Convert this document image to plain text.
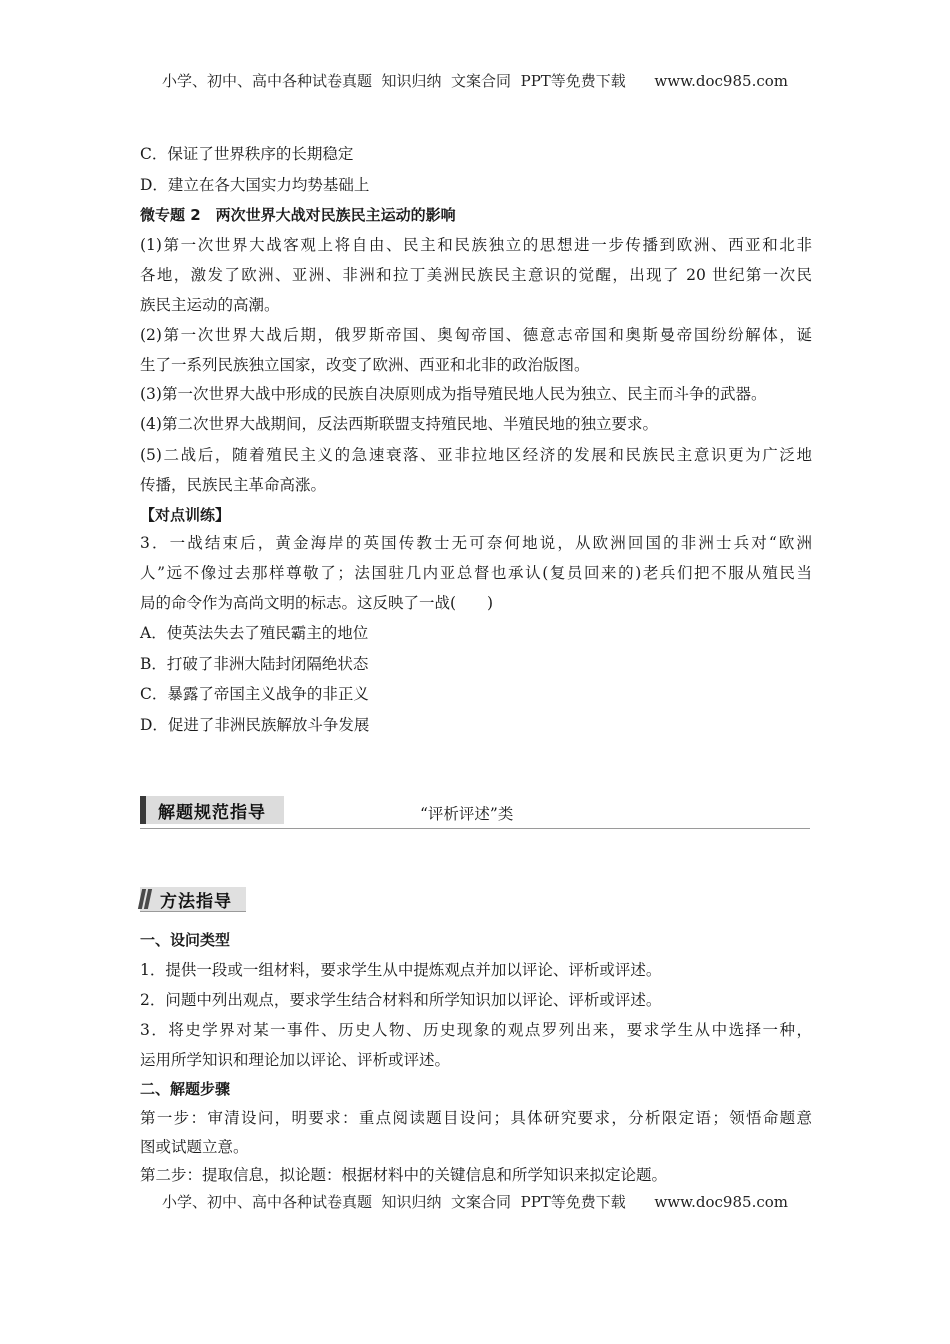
小学、初中、高中各种试卷真题  知识归纳  文案合同  PPT等免费下载      www.doc985.com
C．保证了世界秩序的长期稳定
D．建立在各大国实力均势基础上
微专题 2　两次世界大战对民族民主运动的影响
(1)第一次世界大战客观上将自由、民主和民族独立的思想进一步传播到欧洲、西亚和北非
各地，激发了欧洲、亚洲、非洲和拉丁美洲民族民主意识的觉醒，出现了 20 世纪第一次民
族民主运动的高潮。
(2)第一次世界大战后期，俄罗斯帝国、奥匈帝国、德意志帝国和奥斯曼帝国纷纷解体，诞
生了一系列民族独立国家，改变了欧洲、西亚和北非的政治版图。
(3)第一次世界大战中形成的民族自决原则成为指导殖民地人民为独立、民主而斗争的武器。
(4)第二次世界大战期间，反法西斯联盟支持殖民地、半殖民地的独立要求。
(5)二战后，随着殖民主义的急速衰落、亚非拉地区经济的发展和民族民主意识更为广泛地
传播，民族民主革命高涨。
【对点训练】
3．一战结束后，黄金海岸的英国传教士无可奈何地说，从欧洲回国的非洲士兵对“欧洲
人”远不像过去那样尊敬了；法国驻几内亚总督也承认(复员回来的)老兵们把不服从殖民当
局的命令作为高尚文明的标志。这反映了一战(　　)
A．使英法失去了殖民霸主的地位
B．打破了非洲大陆封闭隔绝状态
C．暴露了帝国主义战争的非正义
D．促进了非洲民族解放斗争发展
解题规范指导	“评析评述”类
方法指导
一、设问类型
1．提供一段或一组材料，要求学生从中提炼观点并加以评论、评析或评述。
2．问题中列出观点，要求学生结合材料和所学知识加以评论、评析或评述。
3．将史学界对某一事件、历史人物、历史现象的观点罗列出来，要求学生从中选择一种，
运用所学知识和理论加以评论、评析或评述。
二、解题步骤
第一步：审清设问，明要求：重点阅读题目设问；具体研究要求，分析限定语；领悟命题意
图或试题立意。
第二步：提取信息，拟论题：根据材料中的关键信息和所学知识来拟定论题。
小学、初中、高中各种试卷真题  知识归纳  文案合同  PPT等免费下载      www.doc985.com
